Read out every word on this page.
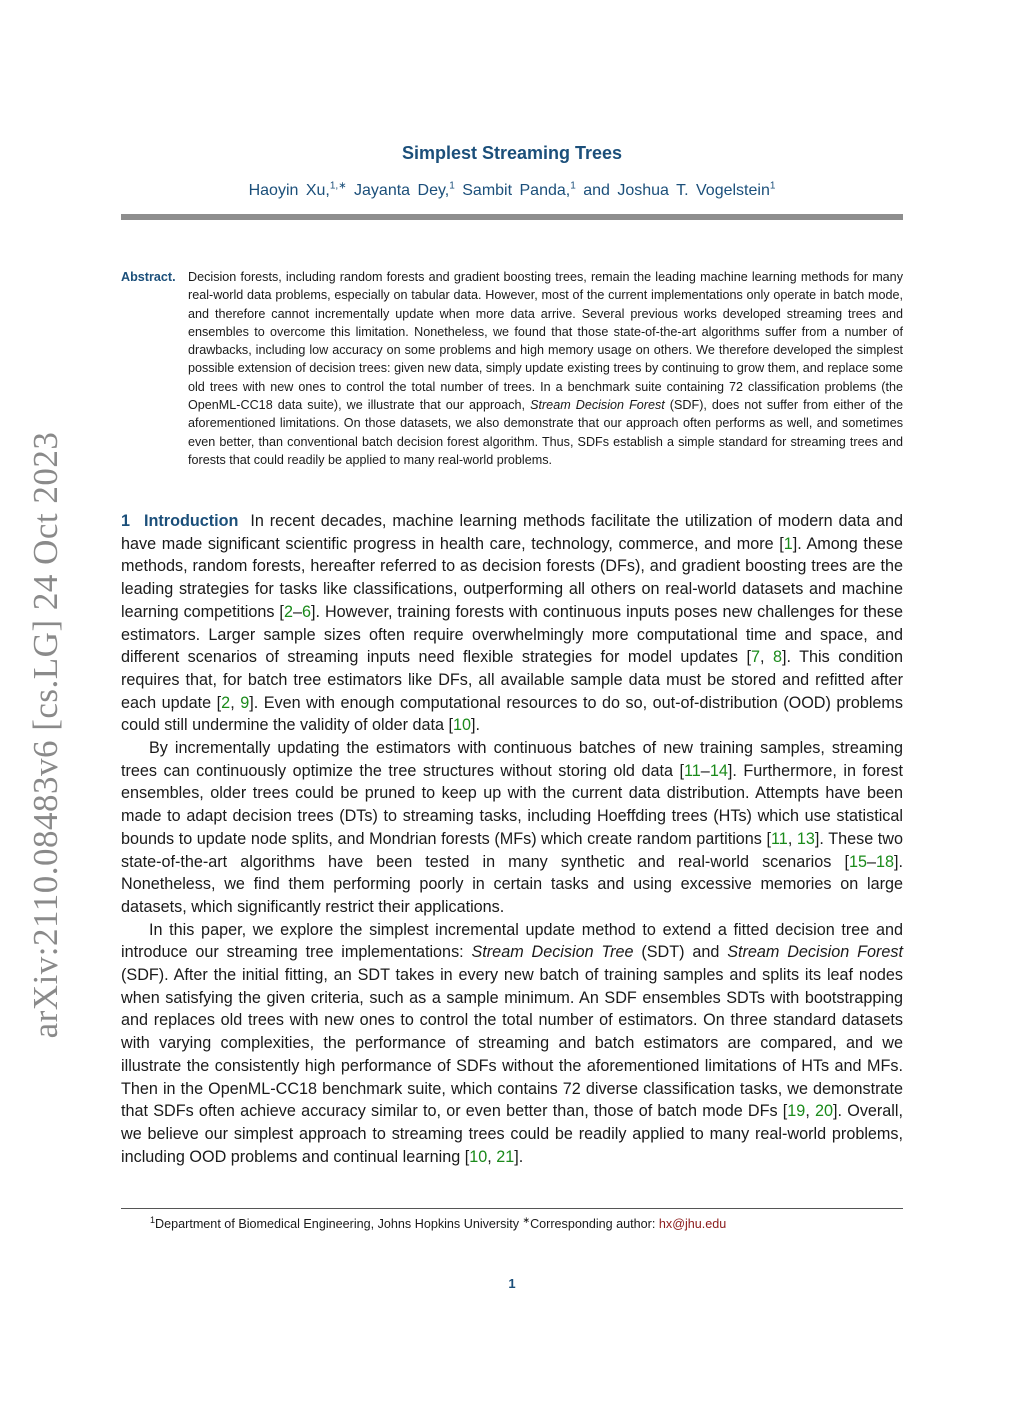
arXiv:2110.08483v6 [cs.LG] 24 Oct 2023
Simplest Streaming Trees
Haoyin Xu,$^{1,∗}$ Jayanta Dey,$^1$ Sambit Panda,$^1$ and Joshua T. Vogelstein$^1$
Abstract. Decision forests, including random forests and gradient boosting trees, remain the leading machine learning methods for many real-world data problems, especially on tabular data. However, most of the current implementations only operate in batch mode, and therefore cannot incrementally update when more data arrive. Several previous works developed streaming trees and ensembles to overcome this limitation. Nonetheless, we found that those state-of-the-art algorithms suffer from a number of drawbacks, including low accuracy on some problems and high memory usage on others. We therefore developed the simplest possible extension of decision trees: given new data, simply update existing trees by continuing to grow them, and replace some old trees with new ones to control the total number of trees. In a benchmark suite containing 72 classification problems (the OpenML-CC18 data suite), we illustrate that our approach, Stream Decision Forest (SDF), does not suffer from either of the aforementioned limitations. On those datasets, we also demonstrate that our approach often performs as well, and sometimes even better, than conventional batch decision forest algorithm. Thus, SDFs establish a simple standard for streaming trees and forests that could readily be applied to many real-world problems.

1 Introduction In recent decades, machine learning methods facilitate the utilization of modern data and have made significant scientific progress in health care, technology, commerce, and more [1]. Among these methods, random forests, hereafter referred to as decision forests (DFs), and gradient boosting trees are the leading strategies for tasks like classifications, outperforming all others on real-world datasets and machine learning competitions [2–6]. However, training forests with continuous inputs poses new challenges for these estimators. Larger sample sizes often require overwhelmingly more computational time and space, and different scenarios of streaming inputs need flexible strategies for model updates [7, 8]. This condition requires that, for batch tree estimators like DFs, all available sample data must be stored and refitted after each update [2, 9]. Even with enough computational resources to do so, out-of-distribution (OOD) problems could still undermine the validity of older data [10].

By incrementally updating the estimators with continuous batches of new training samples, streaming trees can continuously optimize the tree structures without storing old data [11–14]. Furthermore, in forest ensembles, older trees could be pruned to keep up with the current data distribution. Attempts have been made to adapt decision trees (DTs) to streaming tasks, including Hoeffding trees (HTs) which use statistical bounds to update node splits, and Mondrian forests (MFs) which create random partitions [11, 13]. These two state-of-the-art algorithms have been tested in many synthetic and real-world scenarios [15–18]. Nonetheless, we find them performing poorly in certain tasks and using excessive memories on large datasets, which significantly restrict their applications.

In this paper, we explore the simplest incremental update method to extend a fitted decision tree and introduce our streaming tree implementations: Stream Decision Tree (SDT) and Stream Decision Forest (SDF). After the initial fitting, an SDT takes in every new batch of training samples and splits its leaf nodes when satisfying the given criteria, such as a sample minimum. An SDF ensembles SDTs with bootstrapping and replaces old trees with new ones to control the total number of estimators. On three standard datasets with varying complexities, the performance of streaming and batch estimators are compared, and we illustrate the consistently high performance of SDFs without the aforementioned limitations of HTs and MFs. Then in the OpenML-CC18 benchmark suite, which contains 72 diverse classification tasks, we demonstrate that SDFs often achieve accuracy similar to, or even better than, those of batch mode DFs [19, 20]. Overall, we believe our simplest approach to streaming trees could be readily applied to many real-world problems, including OOD problems and continual learning [10, 21].

$^1$Department of Biomedical Engineering, Johns Hopkins University ∗Corresponding author: hx@jhu.edu
1
